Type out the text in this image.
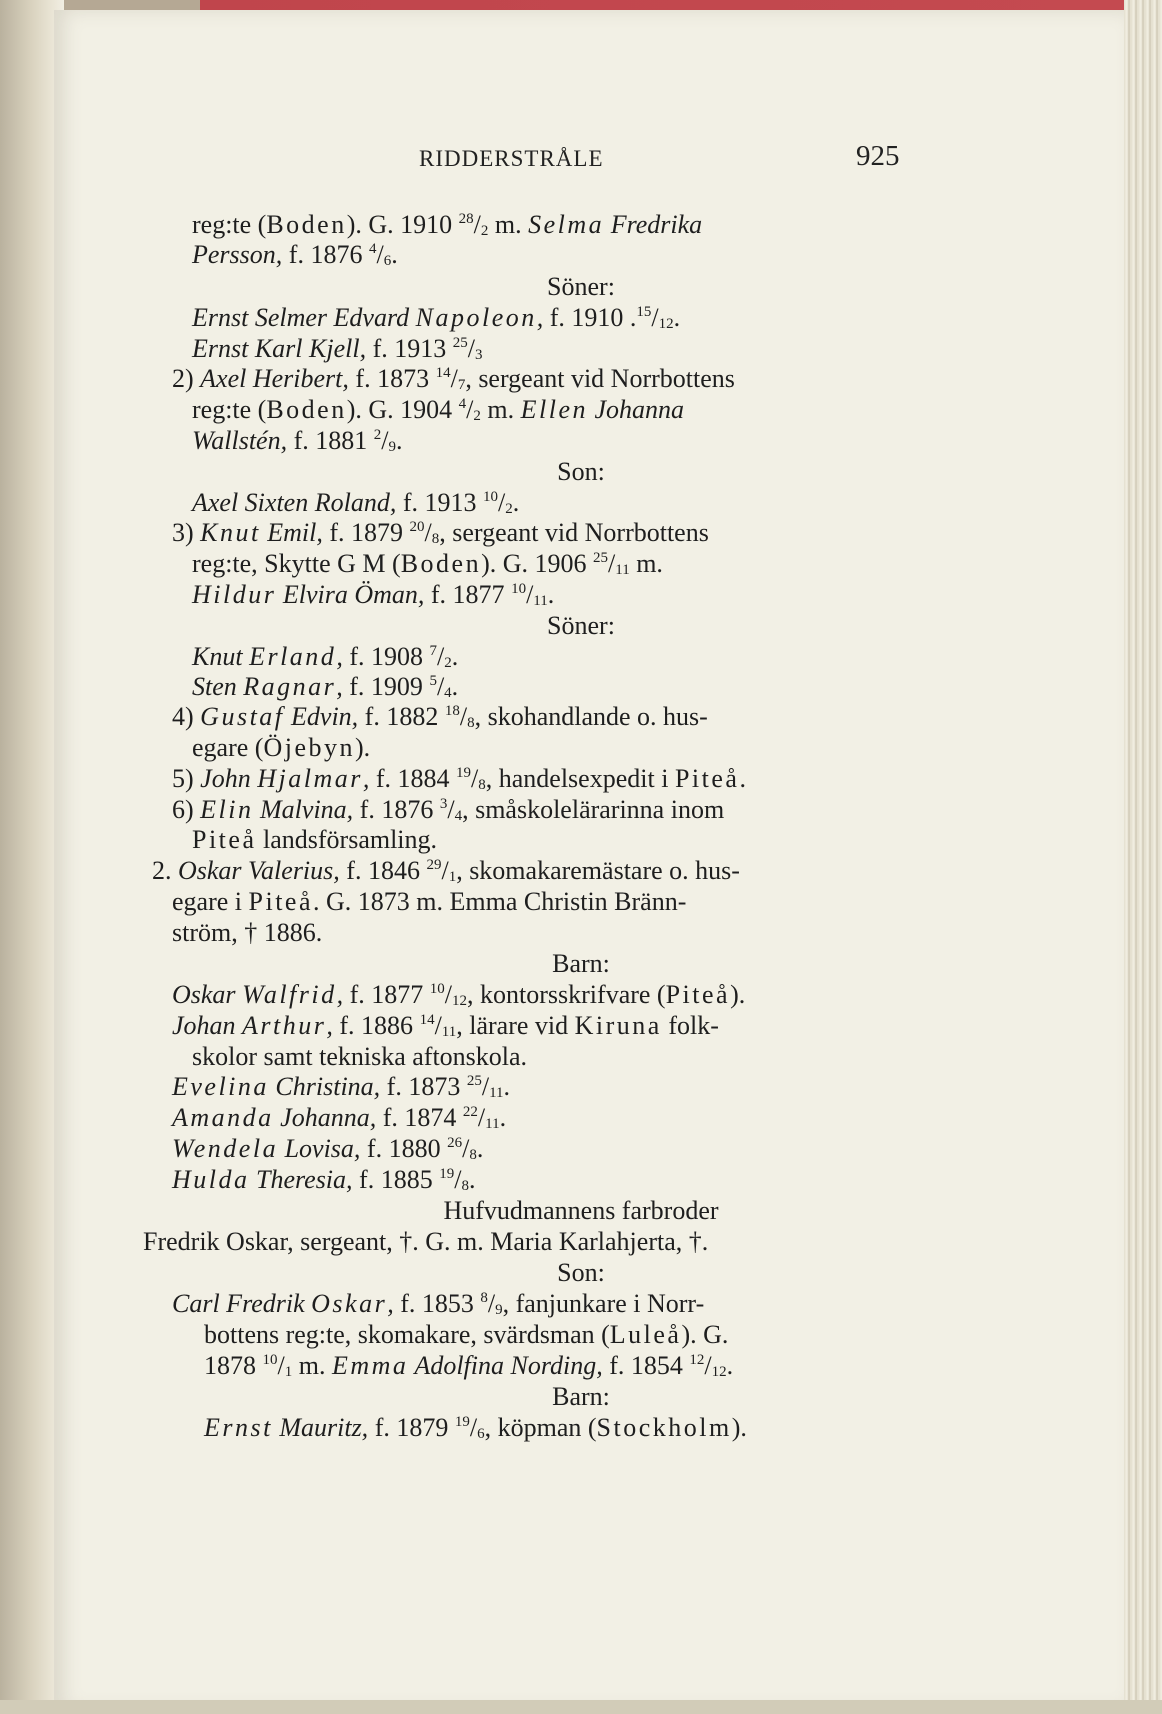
RIDDERSTRÅLE	925
reg:te (Boden). G. 1910 $^{28}/_2$ m. Selma Fredrika
Persson, f. 1876 $^4/_6$.
Söner:
Ernst Selmer Edvard Napoleon, f. 1910 $.^{15}/_{12}$.
Ernst Karl Kjell, f. 1913 $^{25}/_3$
2) Axel Heribert, f. 1873 $^{14}/_7$, sergeant vid Norrbottens
reg:te (Boden). G. 1904 $^4/_2$ m. Ellen Johanna
Wallstén, f. 1881 $^2/_9$.
Son:
Axel Sixten Roland, f. 1913 $^{10}/_2$.
3) Knut Emil, f. 1879 $^{20}/_8$, sergeant vid Norrbottens
reg:te, Skytte G M (Boden). G. 1906 $^{25}/_{11}$ m.
Hildur Elvira Öman, f. 1877 $^{10}/_{11}$.
Söner:
Knut Erland, f. 1908 $^7/_2$.
Sten Ragnar, f. 1909 $^5/_4$.
4) Gustaf Edvin, f. 1882 $^{18}/_8$, skohandlande o. hus-
egare (Öjebyn).
5) John Hjalmar, f. 1884 $^{19}/_8$, handelsexpedit i Piteå.
6) Elin Malvina, f. 1876 $^3/_4$, småskolelärarinna inom
Piteå landsförsamling.
2. Oskar Valerius, f. 1846 $^{29}/_1$, skomakaremästare o. hus-
egare i Piteå. G. 1873 m. Emma Christin Bränn-
ström, † 1886.
Barn:
Oskar Walfrid, f. 1877 $^{10}/_{12}$, kontorsskrifvare (Piteå).
Johan Arthur, f. 1886 $^{14}/_{11}$, lärare vid Kiruna folk-
skolor samt tekniska aftonskola.
Evelina Christina, f. 1873 $^{25}/_{11}$.
Amanda Johanna, f. 1874 $^{22}/_{11}$.
Wendela Lovisa, f. 1880 $^{26}/_8$.
Hulda Theresia, f. 1885 $^{19}/_8$.
Hufvudmannens farbroder
Fredrik Oskar, sergeant, †. G. m. Maria Karlahjerta, †.
Son:
Carl Fredrik Oskar, f. 1853 $^8/_9$, fanjunkare i Norr-
bottens reg:te, skomakare, svärdsman (Luleå). G.
1878 $^{10}/_1$ m. Emma Adolfina Nording, f. 1854 $^{12}/_{12}$.
Barn:
Ernst Mauritz, f. 1879 $^{19}/_6$, köpman (Stockholm).
